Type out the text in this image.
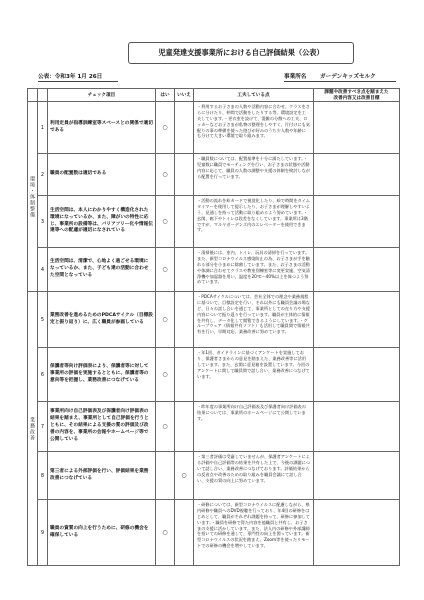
児童発達支援事業所における自己評価結果（公表）
公表：令和3年 1月 26日	事業所名 ガーデンキッズセルク
		チェック項目	はい	いいえ	工夫している点	課題や改善すべき点を踏まえた
改善内容又は改善目標

環境・体制整備	1	利用定員が指導訓練室等スペースとの関係で適切である	○		・利用するお子さまの人数や活動内容に合わせ、クラスをさらに分けたり、仲間で活動をしたりする等、環境設定を工夫しています。・更衣室を設けて、混雑の分散への工夫、ロッカーなどお子さまが私物の整理をしやすく、片付けにも気配りの事の準備を使った遊びが好みのうち少人数や年齢にも分けて大きい環境で取り組みます。	
	2	職員の配置数は適切である	○		・職員数については、配置基準を十分に満たしています。・児童数に職員でモーティングを行い、お子さまの状態や活動内容に応じて、職員の人数の調整や支援の体制を検討しながら配置を行っています。	
	3	生活空間は、本人にわかりやすく構造化された環境になっているか、また、障がいの特性に応じ、事業所の設備等は、バリアフリー化や情報伝達等への配慮が適切になされている	○		・活動の流れを絵カードで視覚化したり、絵で時間をタイムタイマーを使用して提示したり、お子さまが理解しやすいよう、見通しを持って活動に取り組めるよう努めています。・玄関、廊下やトイレは段差をなくしています。事業所は3階ですが、マルヤガーデンズ内のエレベーターを使用できます。	
	4	生活空間は、清潔で、心地よく過ごせる環境になっているか、また、子ども達の活動に合わせた空間となっている	○		・清掃後には、室内、トイレ、玩具の清掃を行っています。また、新型コロナウイルス感染防止の為、お子さまが手を触れる部分を小まめに除菌しています。また、お子さまの活動や体調に合わせてクラスや教室別棟室等に変更実施、空気清浄機や加湿器を用い、温度を20℃〜40%以上を保つよう努めています。	
業務改善	5	業務改善を進めるためのPDCAサイクル（目標設定と振り返り）に、広く職員が参画している	○		・PDCAサイクルについては、会社全体での理念や業務規程に基づいて、目標設定を行い、それ以外にも職員会議の場など、日々の話し合いを通じて、事業所としての在り方や支援内容について振り返りを行っています。職員が主体的に情報を共有し、データ化して閲覧できるようにしています。・グループウェア（情報共有ソフト）も活用して職員間で情報共有を行い、早期対応、業務改善に努めています。	
	6	保護者等向け評価表により、保護者等に対して事業所の評価を実施するとともに、保護者等の意向等を把握し、業務改善につなげている	○		・年1回、ガイドラインに基づくアンケートを実施しており、保護者さまからの意見を踏まえた、業務改善等に活用しています。また、玄関に意見箱を設置しています。今回のアンケートに関して職員間で話し合い、業務改善につなげています。	
	7	事業所向け自己評価表及び保護者向け評価表の結果を踏まえ、事業所として自己評価を行うとともに、その結果による支援の質の評価及び改善の内容を、事業所の会報やホームページ等で公開している	○		・昨年度の事業所向け自己評価表及び保護者向け評価表の結果については、事業所のホームページにて公開しています。	
	8	第三者による外部評価を行い、評価結果を業務改善につなげている		○	・第三者評価は受審していませんが、保護者アンケートによる評価や自己評価等の結果を共有した上で、今後の課題について話し合い、業務改善につなげております。評価結果からの反省点や改善のための取り組みを職員会議にて話し合い、支援の質の向上に努めています。	
	9	職員の資質の向上を行うために、研修の機会を確保している	○		・研修については、新型コロナウイルスに配慮しながら、県内研修や職員へのDVD視聴を行っており、年4回の研修をはじめとして、職員がそれぞれ課題を持って、研修に参加しています。・職員を研修で得た内容を他職員と共有し、お子さまの支援に活かしています。また、法人内の研修や外部講師を招いての研修を通して、専門性の向上を図っています。新型コロナウイルスの状況を踏まえ、Zoom等を使ったリモートでの研修の機会を増やしています。	
